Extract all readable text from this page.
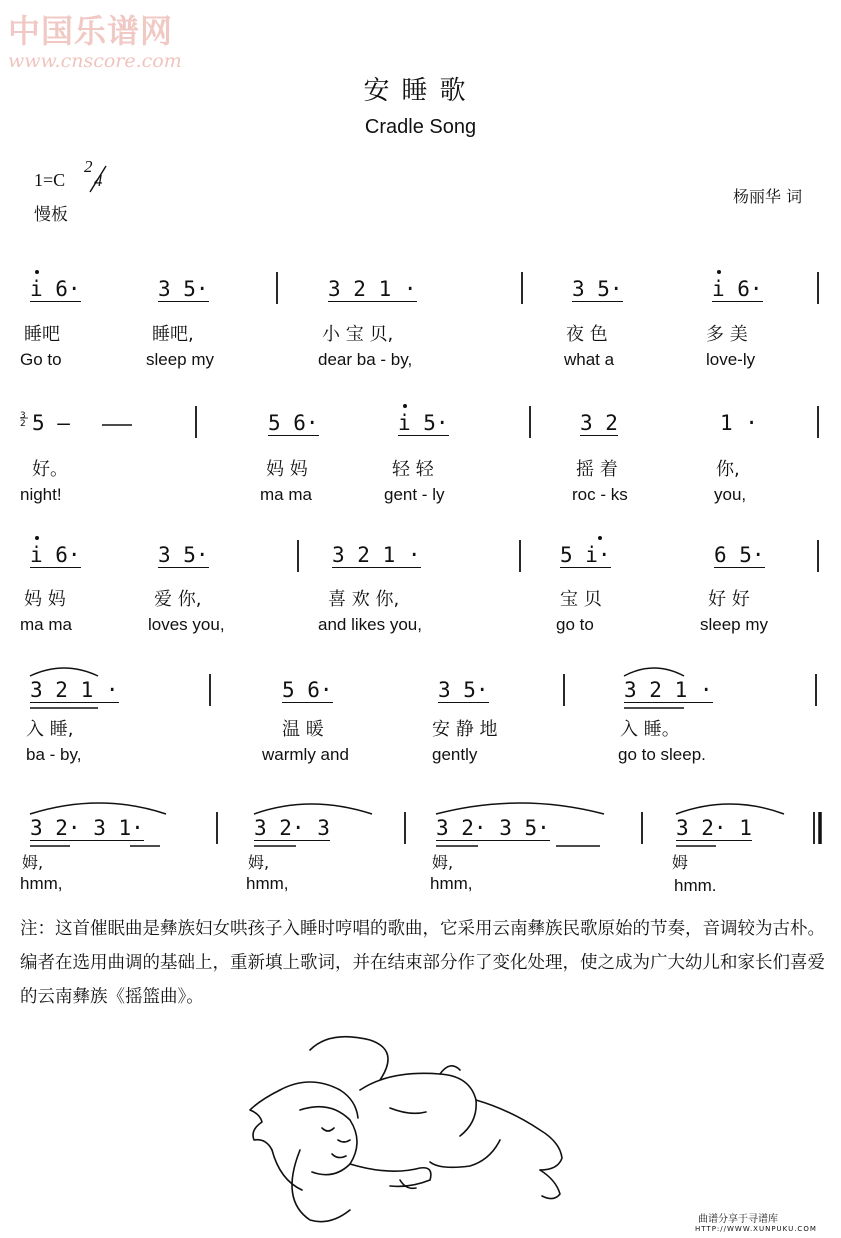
中国乐谱网
www.cnscore.com
安睡歌
Cradle Song
1=C
2
4
慢板
杨丽华 词
i 6·	3 5·	3 2 1 ·	3 5·	i 6·
睡吧	睡吧,	小 宝 贝,	夜 色	多 美
Go to	sleep my	dear ba - by,	what a	love-ly
3
2 5 —	5 6·	i 5·	3 2	1 ·
好。	妈 妈	轻 轻	摇 着	你,
night!	ma ma	gent - ly	roc - ks	you,
i 6·	3 5·	3 2 1 ·	5 i·	6 5·
妈 妈	爱 你,	喜 欢 你,	宝 贝	好 好
ma ma	loves you,	and likes you,	go to	sleep my
3 2 1 ·	5 6·	3 5·	3 2 1 ·
入 睡,	温 暖	安 静 地	入 睡。
ba - by,	warmly and	gently	go to sleep.
3 2· 3 1·	3 2· 3	3 2· 3 5·	3 2· 1
姆,	姆,	姆,	姆
hmm,	hmm,	hmm,	hmm.
注：这首催眠曲是彝族妇女哄孩子入睡时哼唱的歌曲，它采用云南彝族民歌原始的节奏，音调较为古朴。编者在选用曲调的基础上，重新填上歌词，并在结束部分作了变化处理，使之成为广大幼儿和家长们喜爱的云南彝族《摇篮曲》。
曲谱分享于寻谱库
HTTP://WWW.XUNPUKU.COM
